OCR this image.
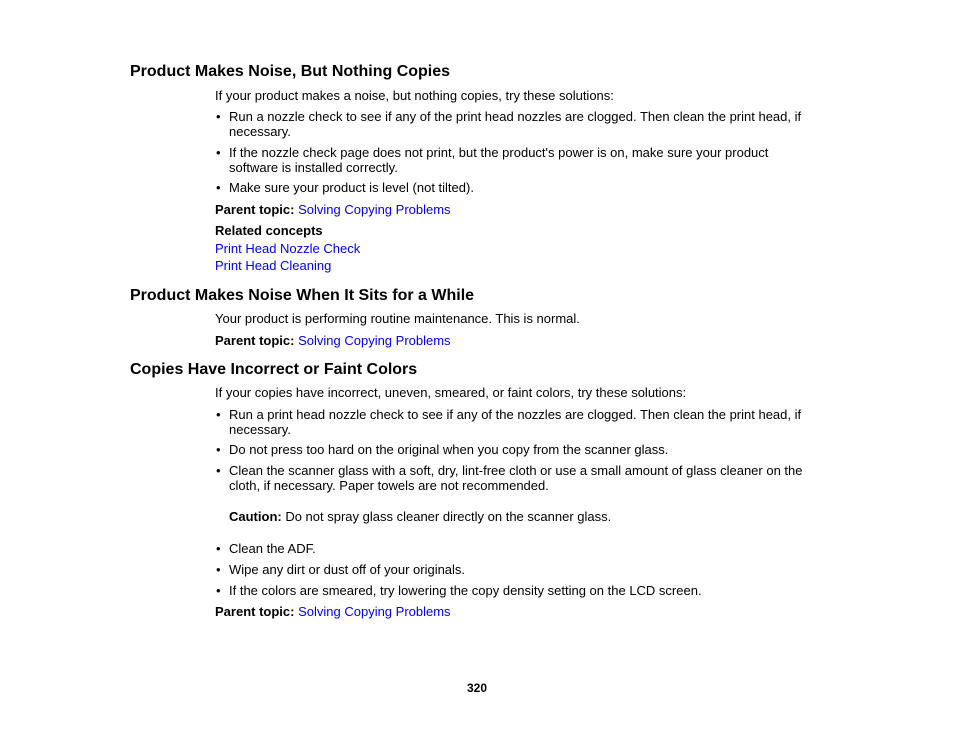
Product Makes Noise, But Nothing Copies

If your product makes a noise, but nothing copies, try these solutions:

• Run a nozzle check to see if any of the print head nozzles are clogged. Then clean the print head, if
necessary.
• If the nozzle check page does not print, but the product's power is on, make sure your product
software is installed correctly.
• Make sure your product is level (not tilted).

Parent topic: Solving Copying Problems

Related concepts

Print Head Nozzle Check

Print Head Cleaning

Product Makes Noise When It Sits for a While

Your product is performing routine maintenance. This is normal.

Parent topic: Solving Copying Problems

Copies Have Incorrect or Faint Colors

If your copies have incorrect, uneven, smeared, or faint colors, try these solutions:

• Run a print head nozzle check to see if any of the nozzles are clogged. Then clean the print head, if
necessary.
• Do not press too hard on the original when you copy from the scanner glass.
• Clean the scanner glass with a soft, dry, lint-free cloth or use a small amount of glass cleaner on the
cloth, if necessary. Paper towels are not recommended.

Caution: Do not spray glass cleaner directly on the scanner glass.

• Clean the ADF.
• Wipe any dirt or dust off of your originals.
• If the colors are smeared, try lowering the copy density setting on the LCD screen.

Parent topic: Solving Copying Problems

320
